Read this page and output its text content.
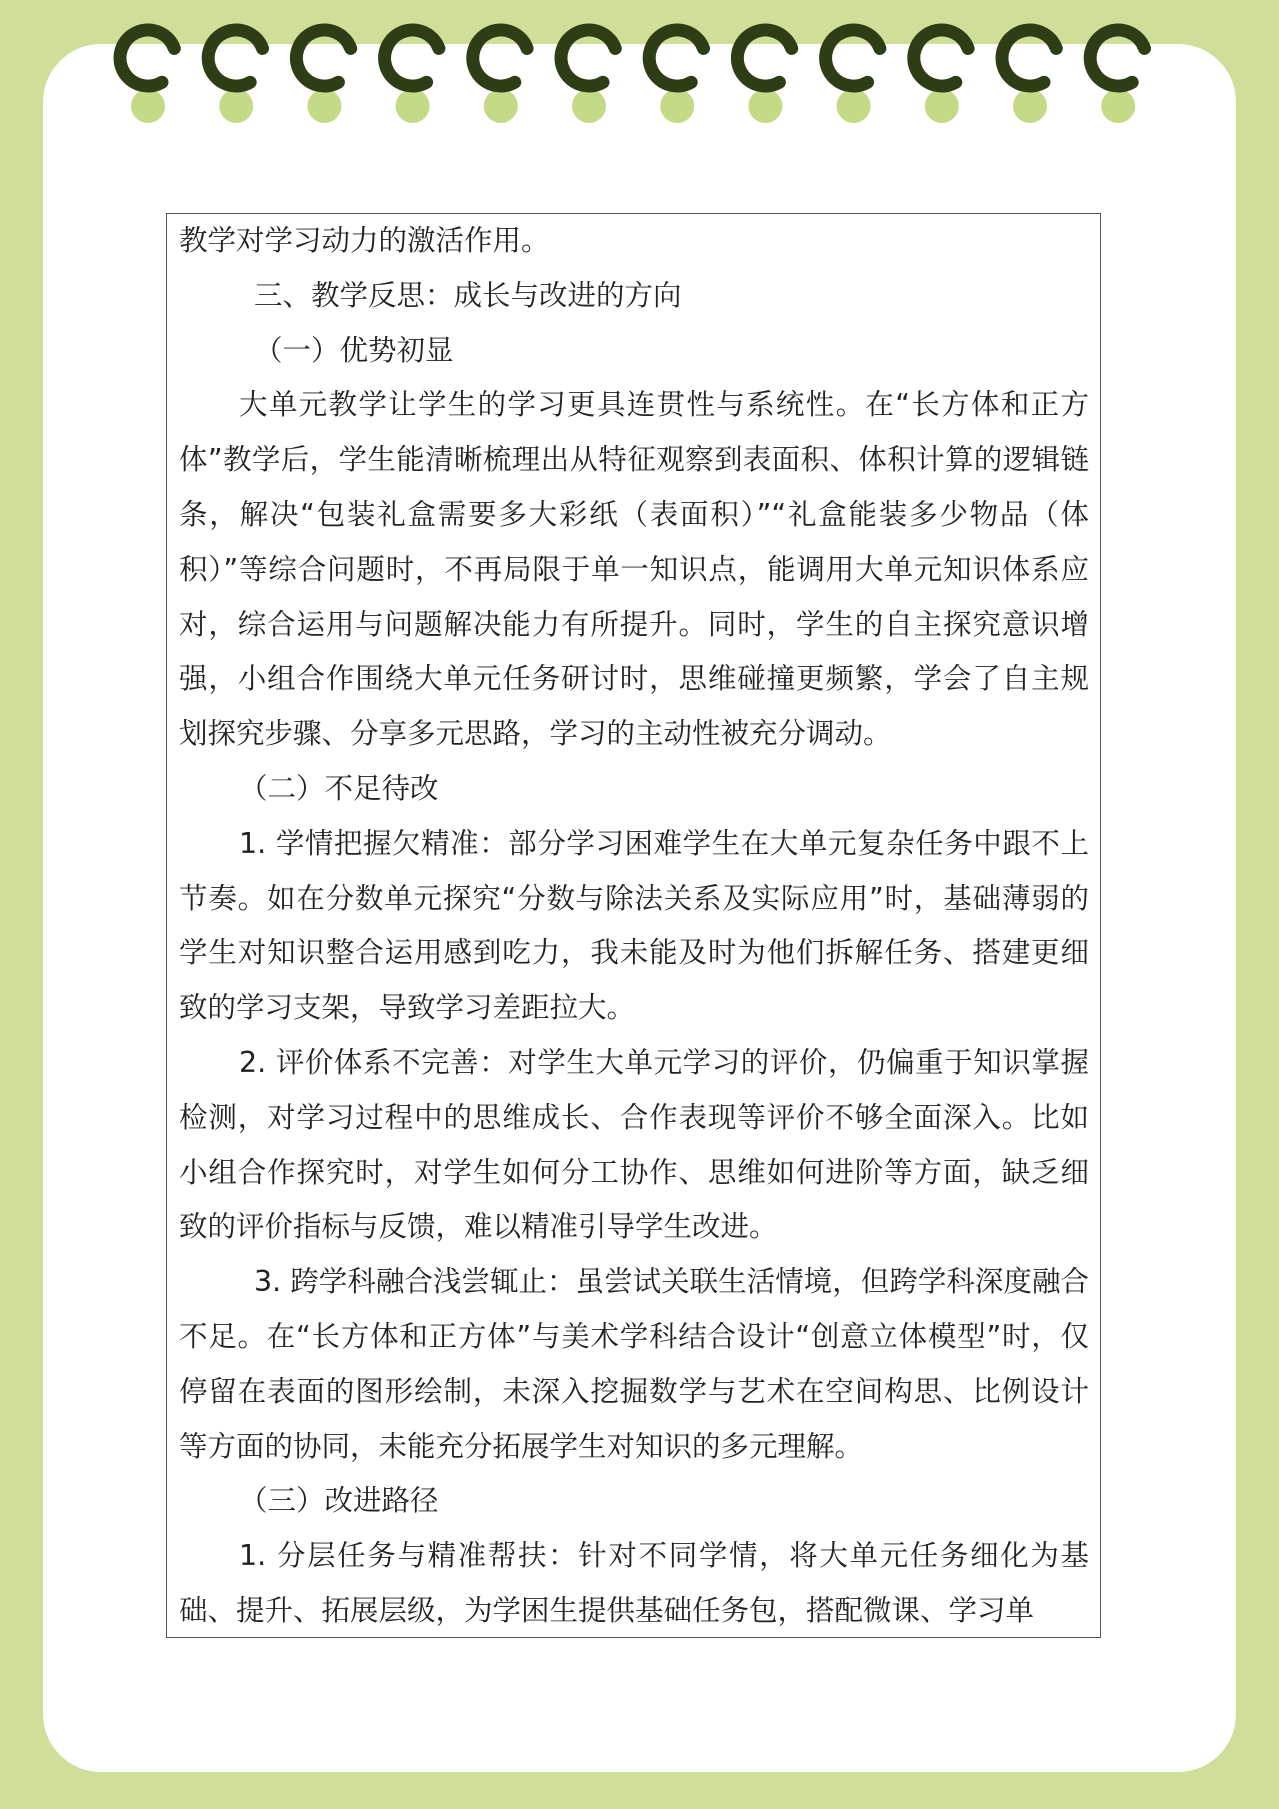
教学对学习动力的激活作用。

三、教学反思：成长与改进的方向

（一）优势初显

大单元教学让学生的学习更具连贯性与系统性。在“长方体和正方体”教学后，学生能清晰梳理出从特征观察到表面积、体积计算的逻辑链条，解决“包装礼盒需要多大彩纸（表面积）”“礼盒能装多少物品（体积）”等综合问题时，不再局限于单一知识点，能调用大单元知识体系应对，综合运用与问题解决能力有所提升。同时，学生的自主探究意识增强，小组合作围绕大单元任务研讨时，思维碰撞更频繁，学会了自主规划探究步骤、分享多元思路，学习的主动性被充分调动。

（二）不足待改

1. 学情把握欠精准：部分学习困难学生在大单元复杂任务中跟不上节奏。如在分数单元探究“分数与除法关系及实际应用”时，基础薄弱的学生对知识整合运用感到吃力，我未能及时为他们拆解任务、搭建更细致的学习支架，导致学习差距拉大。

2. 评价体系不完善：对学生大单元学习的评价，仍偏重于知识掌握检测，对学习过程中的思维成长、合作表现等评价不够全面深入。比如小组合作探究时，对学生如何分工协作、思维如何进阶等方面，缺乏细致的评价指标与反馈，难以精准引导学生改进。

3. 跨学科融合浅尝辄止：虽尝试关联生活情境，但跨学科深度融合不足。在“长方体和正方体”与美术学科结合设计“创意立体模型”时，仅停留在表面的图形绘制，未深入挖掘数学与艺术在空间构思、比例设计等方面的协同，未能充分拓展学生对知识的多元理解。

（三）改进路径

1. 分层任务与精准帮扶：针对不同学情，将大单元任务细化为基础、提升、拓展层级，为学困生提供基础任务包，搭配微课、学习单
